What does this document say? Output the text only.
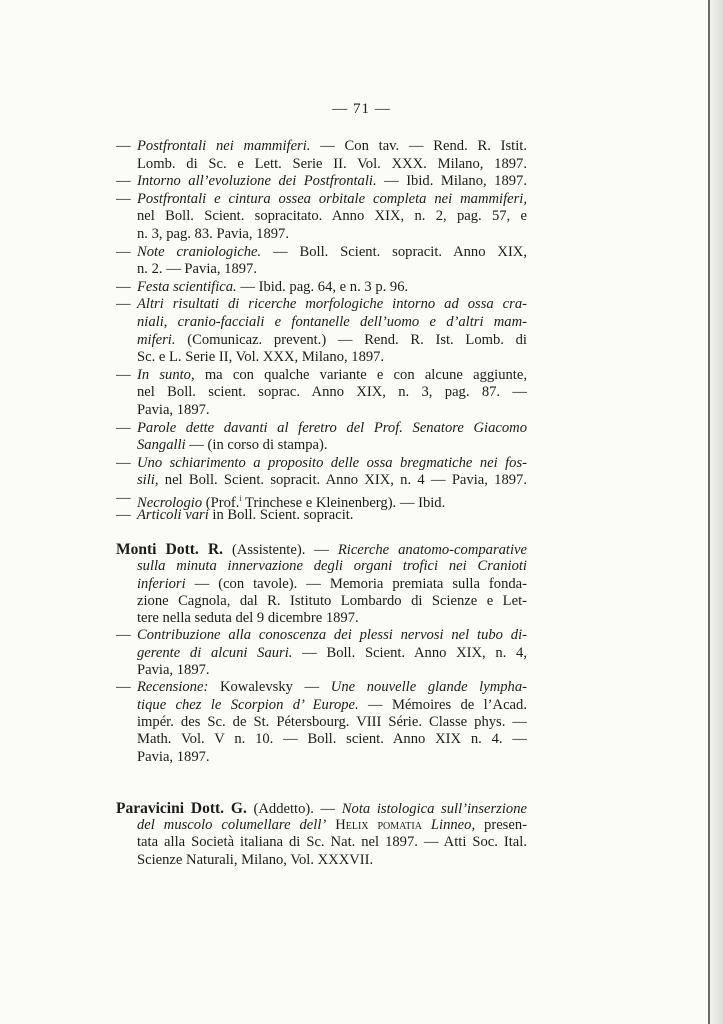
— 71 —
— Postfrontali nei mammiferi. — Con tav. — Rend. R. Istit.
Lomb. di Sc. e Lett. Serie II. Vol. XXX. Milano, 1897.
— Intorno all’evoluzione dei Postfrontali. — Ibid. Milano, 1897.
— Postfrontali e cintura ossea orbitale completa nei mammiferi,
nel Boll. Scient. sopracitato. Anno XIX, n. 2, pag. 57, e
n. 3, pag. 83. Pavia, 1897.
— Note craniologiche. — Boll. Scient. sopracit. Anno XIX,
n. 2. — Pavia, 1897.
— Festa scientifica. — Ibid. pag. 64, e n. 3 p. 96.
— Altri risultati di ricerche morfologiche intorno ad ossa cra-
niali, cranio-facciali e fontanelle dell’uomo e d’altri mam-
miferi. (Comunicaz. prevent.) — Rend. R. Ist. Lomb. di
Sc. e L. Serie II, Vol. XXX, Milano, 1897.
— In sunto, ma con qualche variante e con alcune aggiunte,
nel Boll. scient. soprac. Anno XIX, n. 3, pag. 87. —
Pavia, 1897.
— Parole dette davanti al feretro del Prof. Senatore Giacomo
Sangalli — (in corso di stampa).
— Uno schiarimento a proposito delle ossa bregmatiche nei fos-
sili, nel Boll. Scient. sopracit. Anno XIX, n. 4 — Pavia, 1897.
— Necrologio (Prof.$^i$ Trinchese e Kleinenberg). — Ibid.
— Articoli vari in Boll. Scient. sopracit.
Monti Dott. R. (Assistente). — Ricerche anatomo-comparative
sulla minuta innervazione degli organi trofici nei Cranioti
inferiori — (con tavole). — Memoria premiata sulla fonda-
zione Cagnola, dal R. Istituto Lombardo di Scienze e Let-
tere nella seduta del 9 dicembre 1897.
— Contribuzione alla conoscenza dei plessi nervosi nel tubo di-
gerente di alcuni Sauri. — Boll. Scient. Anno XIX, n. 4,
Pavia, 1897.
— Recensione: Kowalevsky — Une nouvelle glande lympha-
tique chez le Scorpion d’ Europe. — Mémoires de l’Acad.
impér. des Sc. de St. Pétersbourg. VIII Série. Classe phys. —
Math. Vol. V n. 10. — Boll. scient. Anno XIX n. 4. —
Pavia, 1897.
Paravicini Dott. G. (Addetto). — Nota istologica sull’inserzione
del muscolo columellare dell’ Helix pomatia Linneo, presen-
tata alla Società italiana di Sc. Nat. nel 1897. — Atti Soc. Ital.
Scienze Naturali, Milano, Vol. XXXVII.
